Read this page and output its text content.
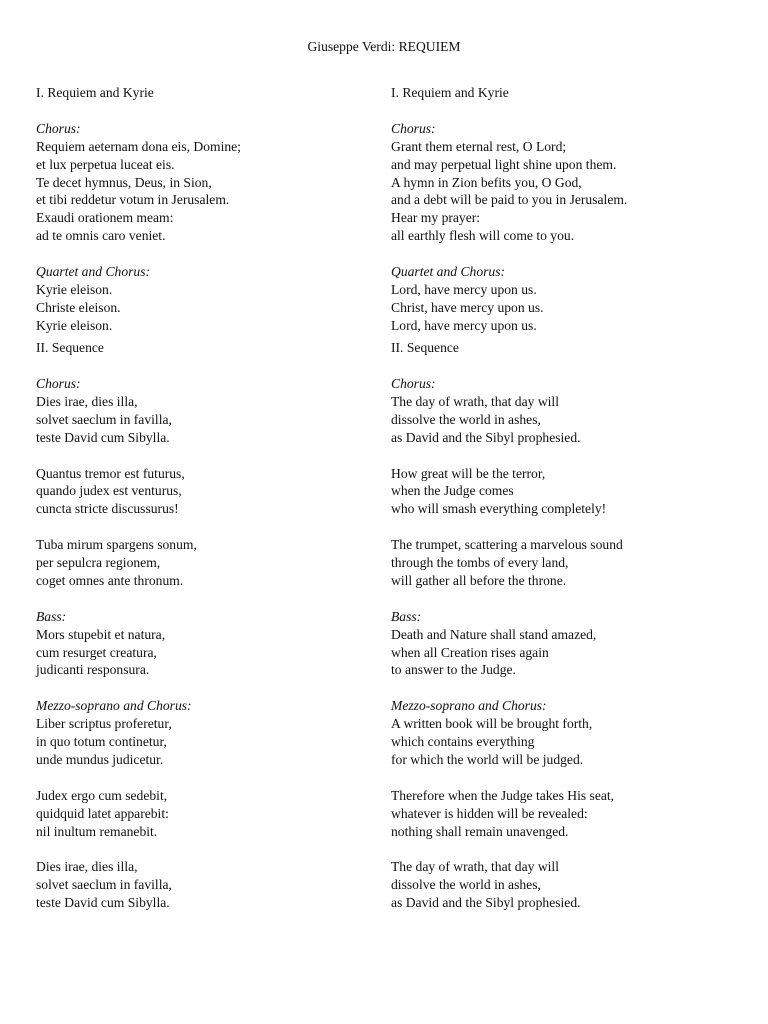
Giuseppe Verdi: REQUIEM
I. Requiem and Kyrie
Chorus:
Requiem aeternam dona eis, Domine;
et lux perpetua luceat eis.
Te decet hymnus, Deus, in Sion,
et tibi reddetur votum in Jerusalem.
Exaudi orationem meam:
ad te omnis caro veniet.
Quartet and Chorus:
Kyrie eleison.
Christe eleison.
Kyrie eleison.
II. Sequence
Chorus:
Dies irae, dies illa,
solvet saeclum in favilla,
teste David cum Sibylla.
Quantus tremor est futurus,
quando judex est venturus,
cuncta stricte discussurus!
Tuba mirum spargens sonum,
per sepulcra regionem,
coget omnes ante thronum.
Bass:
Mors stupebit et natura,
cum resurget creatura,
judicanti responsura.
Mezzo-soprano and Chorus:
Liber scriptus proferetur,
in quo totum continetur,
unde mundus judicetur.
Judex ergo cum sedebit,
quidquid latet apparebit:
nil inultum remanebit.
Dies irae, dies illa,
solvet saeclum in favilla,
teste David cum Sibylla.
I. Requiem and Kyrie
Chorus:
Grant them eternal rest, O Lord;
and may perpetual light shine upon them.
A hymn in Zion befits you, O God,
and a debt will be paid to you in Jerusalem.
Hear my prayer:
all earthly flesh will come to you.
Quartet and Chorus:
Lord, have mercy upon us.
Christ, have mercy upon us.
Lord, have mercy upon us.
II. Sequence
Chorus:
The day of wrath, that day will
dissolve the world in ashes,
as David and the Sibyl prophesied.
How great will be the terror,
when the Judge comes
who will smash everything completely!
The trumpet, scattering a marvelous sound
through the tombs of every land,
will gather all before the throne.
Bass:
Death and Nature shall stand amazed,
when all Creation rises again
to answer to the Judge.
Mezzo-soprano and Chorus:
A written book will be brought forth,
which contains everything
for which the world will be judged.
Therefore when the Judge takes His seat,
whatever is hidden will be revealed:
nothing shall remain unavenged.
The day of wrath, that day will
dissolve the world in ashes,
as David and the Sibyl prophesied.
